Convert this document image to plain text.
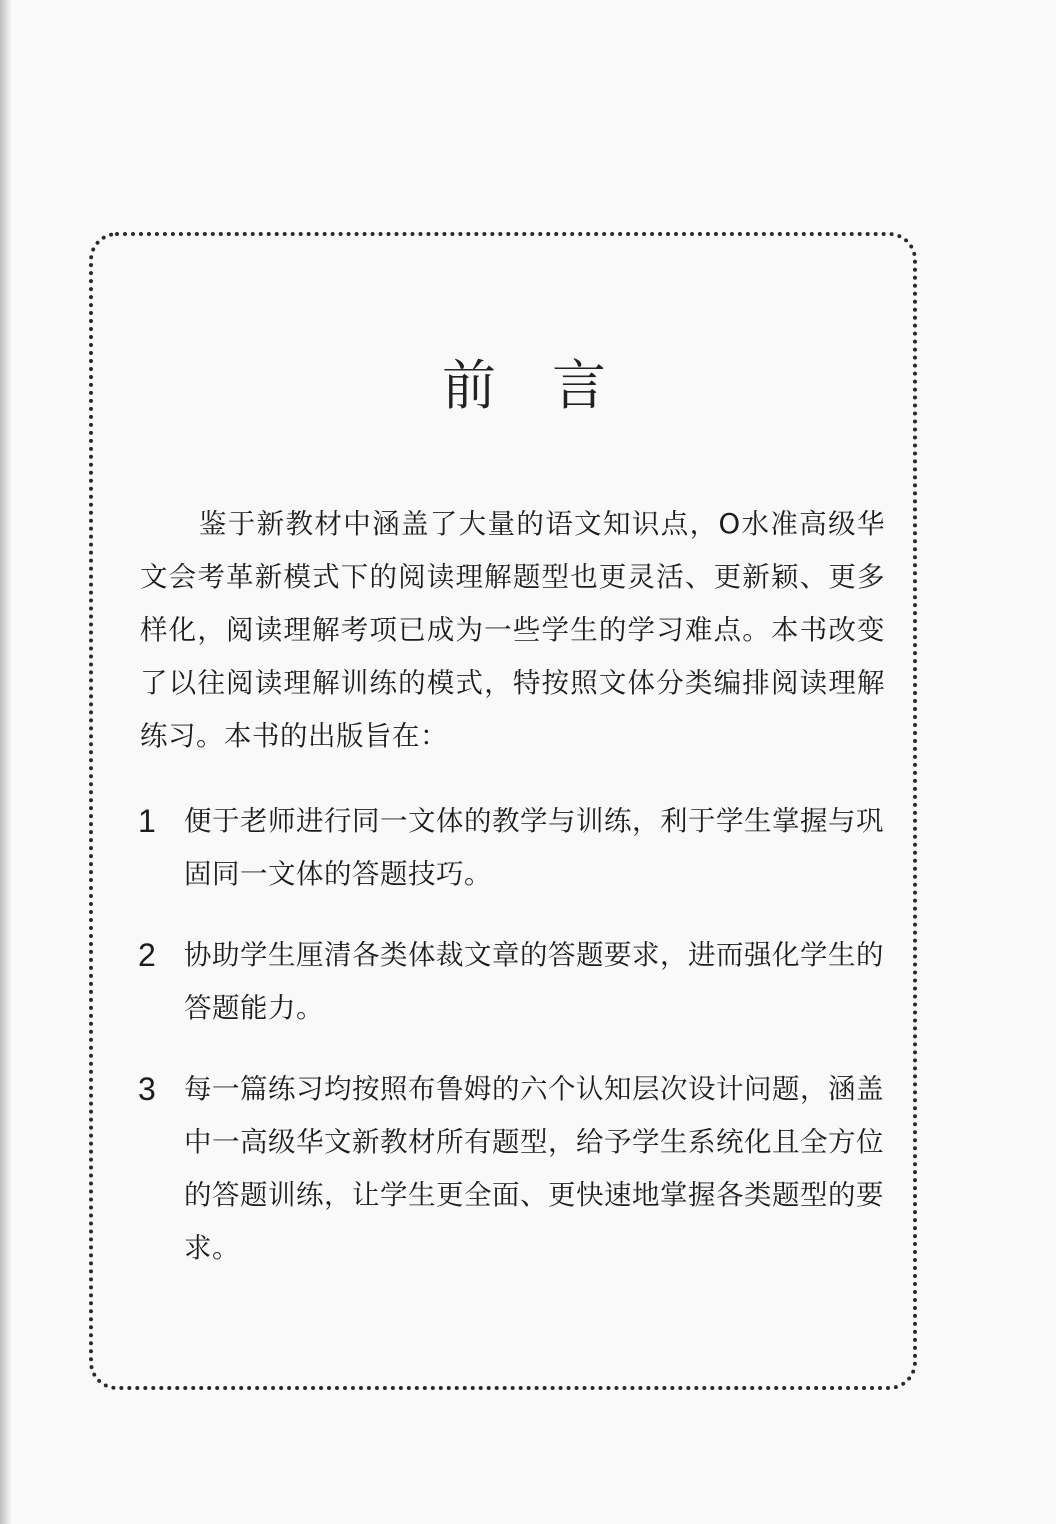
前言

鉴于新教材中涵盖了大量的语文知识点，O水准高级华文会考革新模式下的阅读理解题型也更灵活、更新颖、更多样化，阅读理解考项已成为一些学生的学习难点。本书改变了以往阅读理解训练的模式，特按照文体分类编排阅读理解练习。本书的出版旨在：

1	便于老师进行同一文体的教学与训练，利于学生掌握与巩固同一文体的答题技巧。
2	协助学生厘清各类体裁文章的答题要求，进而强化学生的答题能力。
3	每一篇练习均按照布鲁姆的六个认知层次设计问题，涵盖中一高级华文新教材所有题型，给予学生系统化且全方位的答题训练，让学生更全面、更快速地掌握各类题型的要求。
